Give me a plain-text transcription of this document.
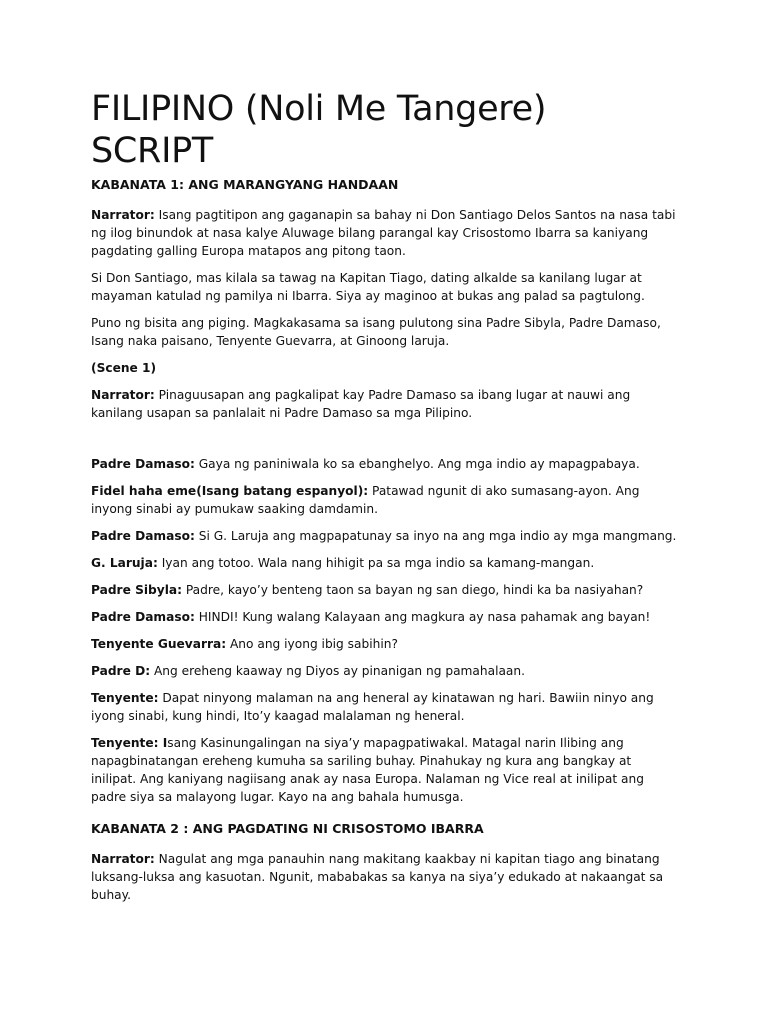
FILIPINO (Noli Me Tangere)
SCRIPT
KABANATA 1: ANG MARANGYANG HANDAAN

Narrator: Isang pagtitipon ang gaganapin sa bahay ni Don Santiago Delos Santos na nasa tabi ng ilog binundok at nasa kalye Aluwage bilang parangal kay Crisostomo Ibarra sa kaniyang pagdating galling Europa matapos ang pitong taon.

Si Don Santiago, mas kilala sa tawag na Kapitan Tiago, dating alkalde sa kanilang lugar at mayaman katulad ng pamilya ni Ibarra. Siya ay maginoo at bukas ang palad sa pagtulong.

Puno ng bisita ang piging. Magkakasama sa isang pulutong sina Padre Sibyla, Padre Damaso, Isang naka paisano, Tenyente Guevarra, at Ginoong laruja.

(Scene 1)

Narrator: Pinaguusapan ang pagkalipat kay Padre Damaso sa ibang lugar at nauwi ang kanilang usapan sa panlalait ni Padre Damaso sa mga Pilipino.

Padre Damaso: Gaya ng paniniwala ko sa ebanghelyo. Ang mga indio ay mapagpabaya.

Fidel haha eme(Isang batang espanyol): Patawad ngunit di ako sumasang-ayon. Ang inyong sinabi ay pumukaw saaking damdamin.

Padre Damaso: Si G. Laruja ang magpapatunay sa inyo na ang mga indio ay mga mangmang.

G. Laruja: Iyan ang totoo. Wala nang hihigit pa sa mga indio sa kamang-mangan.

Padre Sibyla: Padre, kayo’y benteng taon sa bayan ng san diego, hindi ka ba nasiyahan?

Padre Damaso: HINDI! Kung walang Kalayaan ang magkura ay nasa pahamak ang bayan!

Tenyente Guevarra: Ano ang iyong ibig sabihin?

Padre D: Ang ereheng kaaway ng Diyos ay pinanigan ng pamahalaan.

Tenyente: Dapat ninyong malaman na ang heneral ay kinatawan ng hari. Bawiin ninyo ang iyong sinabi, kung hindi, Ito’y kaagad malalaman ng heneral.

Tenyente: Isang Kasinungalingan na siya’y mapagpatiwakal. Matagal narin Ilibing ang napagbinatangan ereheng kumuha sa sariling buhay. Pinahukay ng kura ang bangkay at inilipat. Ang kaniyang nagiisang anak ay nasa Europa. Nalaman ng Vice real at inilipat ang padre siya sa malayong lugar. Kayo na ang bahala humusga.

KABANATA 2 : ANG PAGDATING NI CRISOSTOMO IBARRA

Narrator: Nagulat ang mga panauhin nang makitang kaakbay ni kapitan tiago ang binatang luksang-luksa ang kasuotan. Ngunit, mababakas sa kanya na siya’y edukado at nakaangat sa buhay.
